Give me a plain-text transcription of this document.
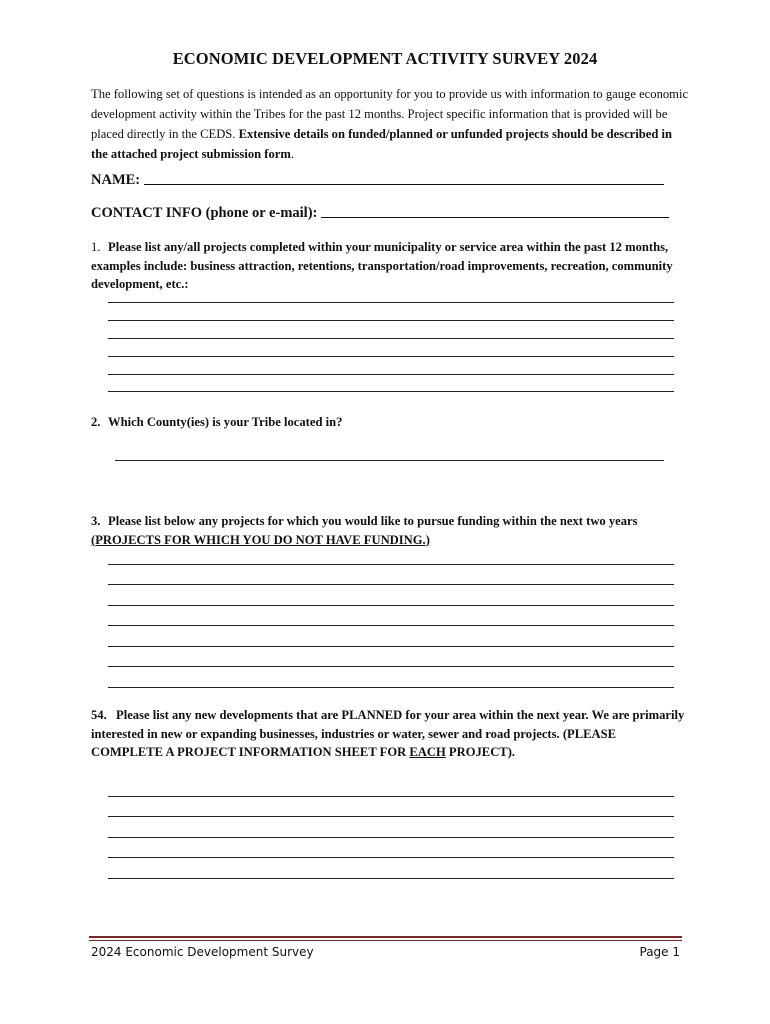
ECONOMIC DEVELOPMENT ACTIVITY SURVEY 2024
The following set of questions is intended as an opportunity for you to provide us with information to gauge economic development activity within the Tribes for the past 12 months. Project specific information that is provided will be placed directly in the CEDS. Extensive details on funded/planned or unfunded projects should be described in the attached project submission form.
NAME:
CONTACT INFO (phone or e-mail):
1. Please list any/all projects completed within your municipality or service area within the past 12 months, examples include: business attraction, retentions, transportation/road improvements, recreation, community development, etc.:
2. Which County(ies) is your Tribe located in?
3. Please list below any projects for which you would like to pursue funding within the next two years (PROJECTS FOR WHICH YOU DO NOT HAVE FUNDING.)
54. Please list any new developments that are PLANNED for your area within the next year. We are primarily interested in new or expanding businesses, industries or water, sewer and road projects. (PLEASE COMPLETE A PROJECT INFORMATION SHEET FOR EACH PROJECT).
2024 Economic Development Survey	Page 1
